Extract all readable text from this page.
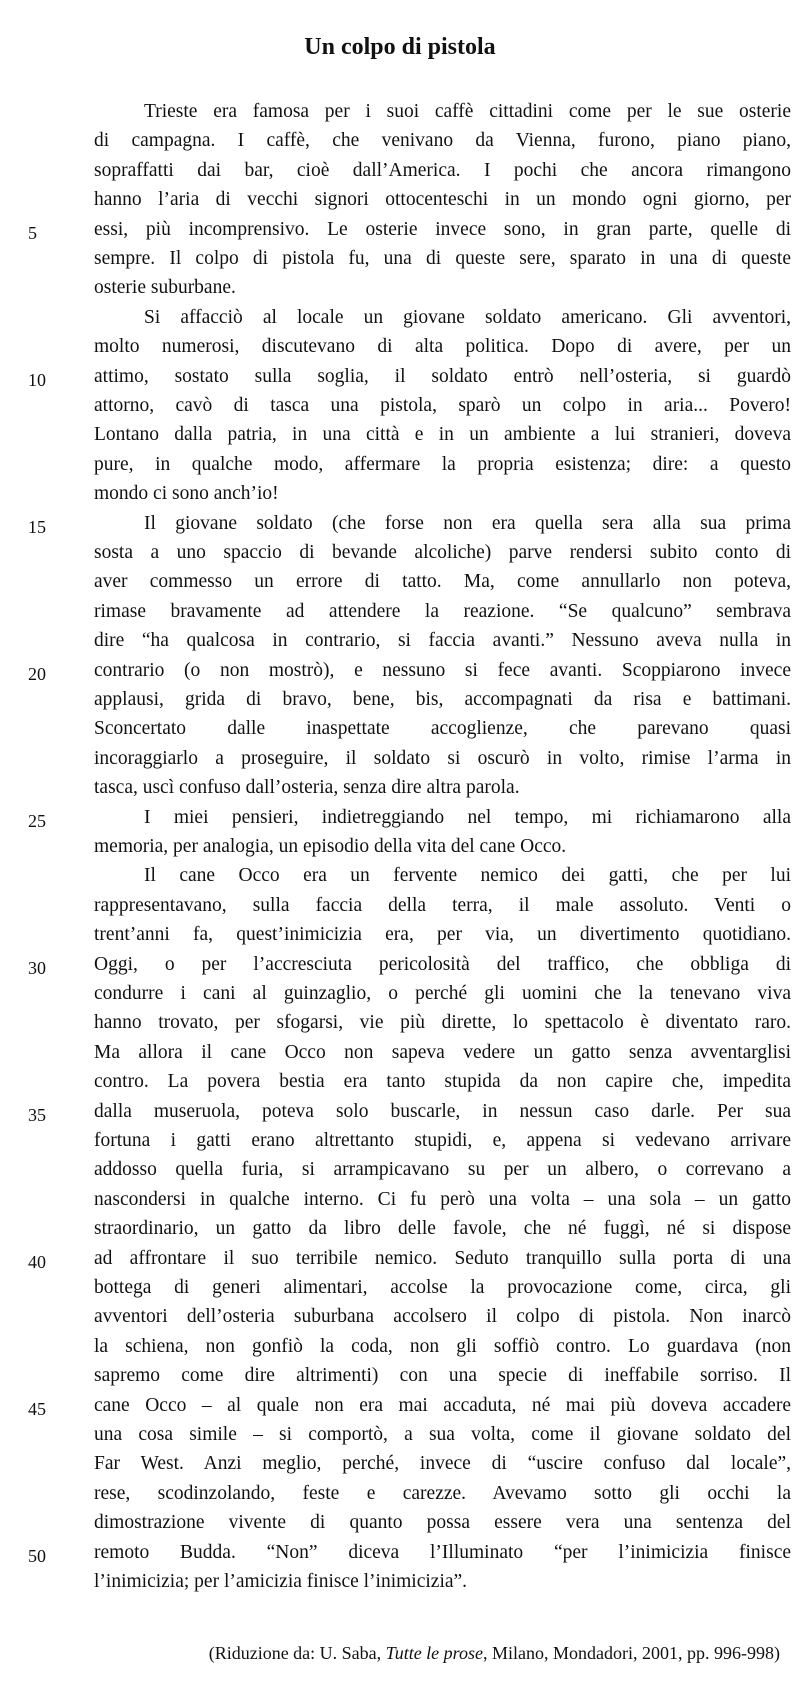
Un colpo di pistola
Trieste era famosa per i suoi caffè cittadini come per le sue osterie
di campagna. I caffè, che venivano da Vienna, furono, piano piano,
sopraffatti dai bar, cioè dall’America. I pochi che ancora rimangono
hanno l’aria di vecchi signori ottocenteschi in un mondo ogni giorno, per
essi, più incomprensivo. Le osterie invece sono, in gran parte, quelle di
sempre. Il colpo di pistola fu, una di queste sere, sparato in una di queste
osterie suburbane.
Si affacciò al locale un giovane soldato americano. Gli avventori,
molto numerosi, discutevano di alta politica. Dopo di avere, per un
attimo, sostato sulla soglia, il soldato entrò nell’osteria, si guardò
attorno, cavò di tasca una pistola, sparò un colpo in aria... Povero!
Lontano dalla patria, in una città e in un ambiente a lui stranieri, doveva
pure, in qualche modo, affermare la propria esistenza; dire: a questo
mondo ci sono anch’io!
Il giovane soldato (che forse non era quella sera alla sua prima
sosta a uno spaccio di bevande alcoliche) parve rendersi subito conto di
aver commesso un errore di tatto. Ma, come annullarlo non poteva,
rimase bravamente ad attendere la reazione. “Se qualcuno” sembrava
dire “ha qualcosa in contrario, si faccia avanti.” Nessuno aveva nulla in
contrario (o non mostrò), e nessuno si fece avanti. Scoppiarono invece
applausi, grida di bravo, bene, bis, accompagnati da risa e battimani.
Sconcertato dalle inaspettate accoglienze, che parevano quasi
incoraggiarlo a proseguire, il soldato si oscurò in volto, rimise l’arma in
tasca, uscì confuso dall’osteria, senza dire altra parola.
I miei pensieri, indietreggiando nel tempo, mi richiamarono alla
memoria, per analogia, un episodio della vita del cane Occo.
Il cane Occo era un fervente nemico dei gatti, che per lui
rappresentavano, sulla faccia della terra, il male assoluto. Venti o
trent’anni fa, quest’inimicizia era, per via, un divertimento quotidiano.
Oggi, o per l’accresciuta pericolosità del traffico, che obbliga di
condurre i cani al guinzaglio, o perché gli uomini che la tenevano viva
hanno trovato, per sfogarsi, vie più dirette, lo spettacolo è diventato raro.
Ma allora il cane Occo non sapeva vedere un gatto senza avventarglisi
contro. La povera bestia era tanto stupida da non capire che, impedita
dalla museruola, poteva solo buscarle, in nessun caso darle. Per sua
fortuna i gatti erano altrettanto stupidi, e, appena si vedevano arrivare
addosso quella furia, si arrampicavano su per un albero, o correvano a
nascondersi in qualche interno. Ci fu però una volta – una sola – un gatto
straordinario, un gatto da libro delle favole, che né fuggì, né si dispose
ad affrontare il suo terribile nemico. Seduto tranquillo sulla porta di una
bottega di generi alimentari, accolse la provocazione come, circa, gli
avventori dell’osteria suburbana accolsero il colpo di pistola. Non inarcò
la schiena, non gonfiò la coda, non gli soffiò contro. Lo guardava (non
sapremo come dire altrimenti) con una specie di ineffabile sorriso. Il
cane Occo – al quale non era mai accaduta, né mai più doveva accadere
una cosa simile – si comportò, a sua volta, come il giovane soldato del
Far West. Anzi meglio, perché, invece di “uscire confuso dal locale”,
rese, scodinzolando, feste e carezze. Avevamo sotto gli occhi la
dimostrazione vivente di quanto possa essere vera una sentenza del
remoto Budda. “Non” diceva l’Illuminato “per l’inimicizia finisce
l’inimicizia; per l’amicizia finisce l’inimicizia”.
5
10
15
20
25
30
35
40
45
50
(Riduzione da: U. Saba, Tutte le prose, Milano, Mondadori, 2001, pp. 996-998)
